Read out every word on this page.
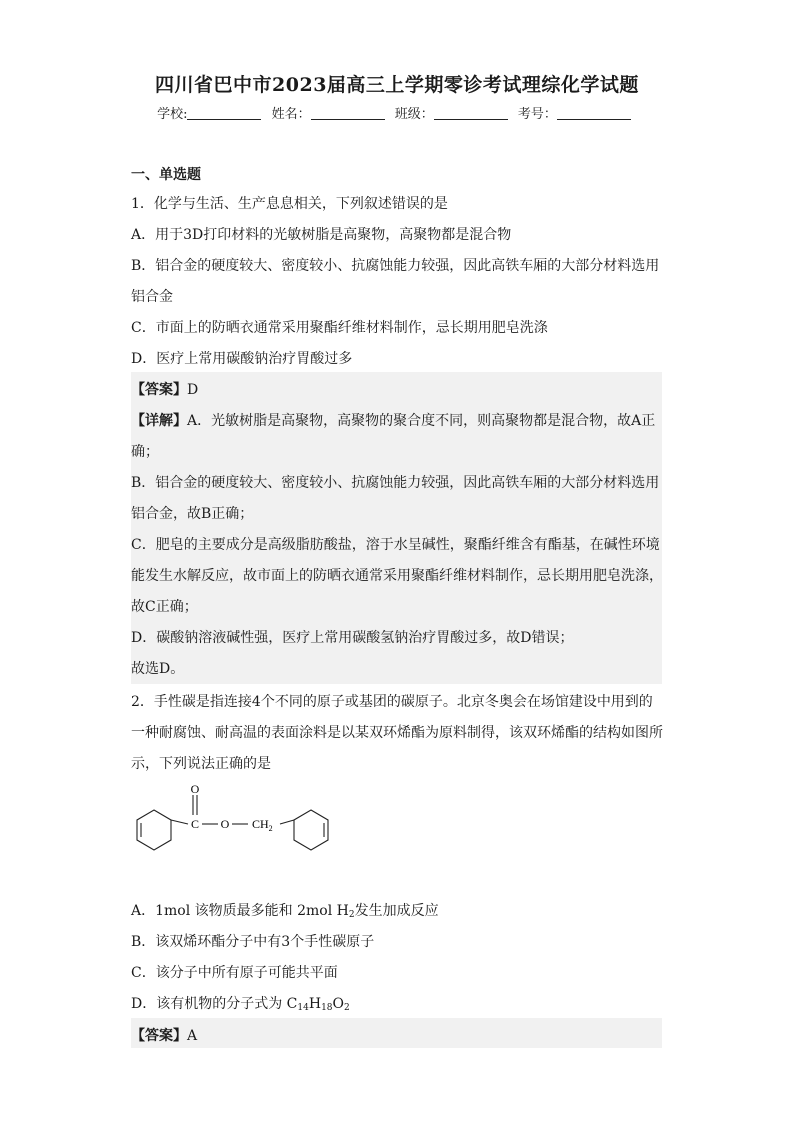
四川省巴中市2023届高三上学期零诊考试理综化学试题
学校:	姓名：	班级：	考号：
一、单选题
1．化学与生活、生产息息相关，下列叙述错误的是
A．用于3D打印材料的光敏树脂是高聚物，高聚物都是混合物
B．铝合金的硬度较大、密度较小、抗腐蚀能力较强，因此高铁车厢的大部分材料选用
铝合金
C．市面上的防晒衣通常采用聚酯纤维材料制作，忌长期用肥皂洗涤
D．医疗上常用碳酸钠治疗胃酸过多
【答案】D
【详解】A．光敏树脂是高聚物，高聚物的聚合度不同，则高聚物都是混合物，故A正
确；
B．铝合金的硬度较大、密度较小、抗腐蚀能力较强，因此高铁车厢的大部分材料选用
铝合金，故B正确；
C．肥皂的主要成分是高级脂肪酸盐，溶于水呈碱性，聚酯纤维含有酯基，在碱性环境
能发生水解反应，故市面上的防晒衣通常采用聚酯纤维材料制作，忌长期用肥皂洗涤，
故C正确；
D．碳酸钠溶液碱性强，医疗上常用碳酸氢钠治疗胃酸过多，故D错误；
故选D。
2．手性碳是指连接4个不同的原子或基团的碳原子。北京冬奥会在场馆建设中用到的
一种耐腐蚀、耐高温的表面涂料是以某双环烯酯为原料制得，该双环烯酯的结构如图所
示，下列说法正确的是
O
C O $CH_2$
A．1mol 该物质最多能和 2mol $H_2$发生加成反应
B．该双烯环酯分子中有3个手性碳原子
C．该分子中所有原子可能共平面
D．该有机物的分子式为 $C_{14}H_{18}O_2$
【答案】A
